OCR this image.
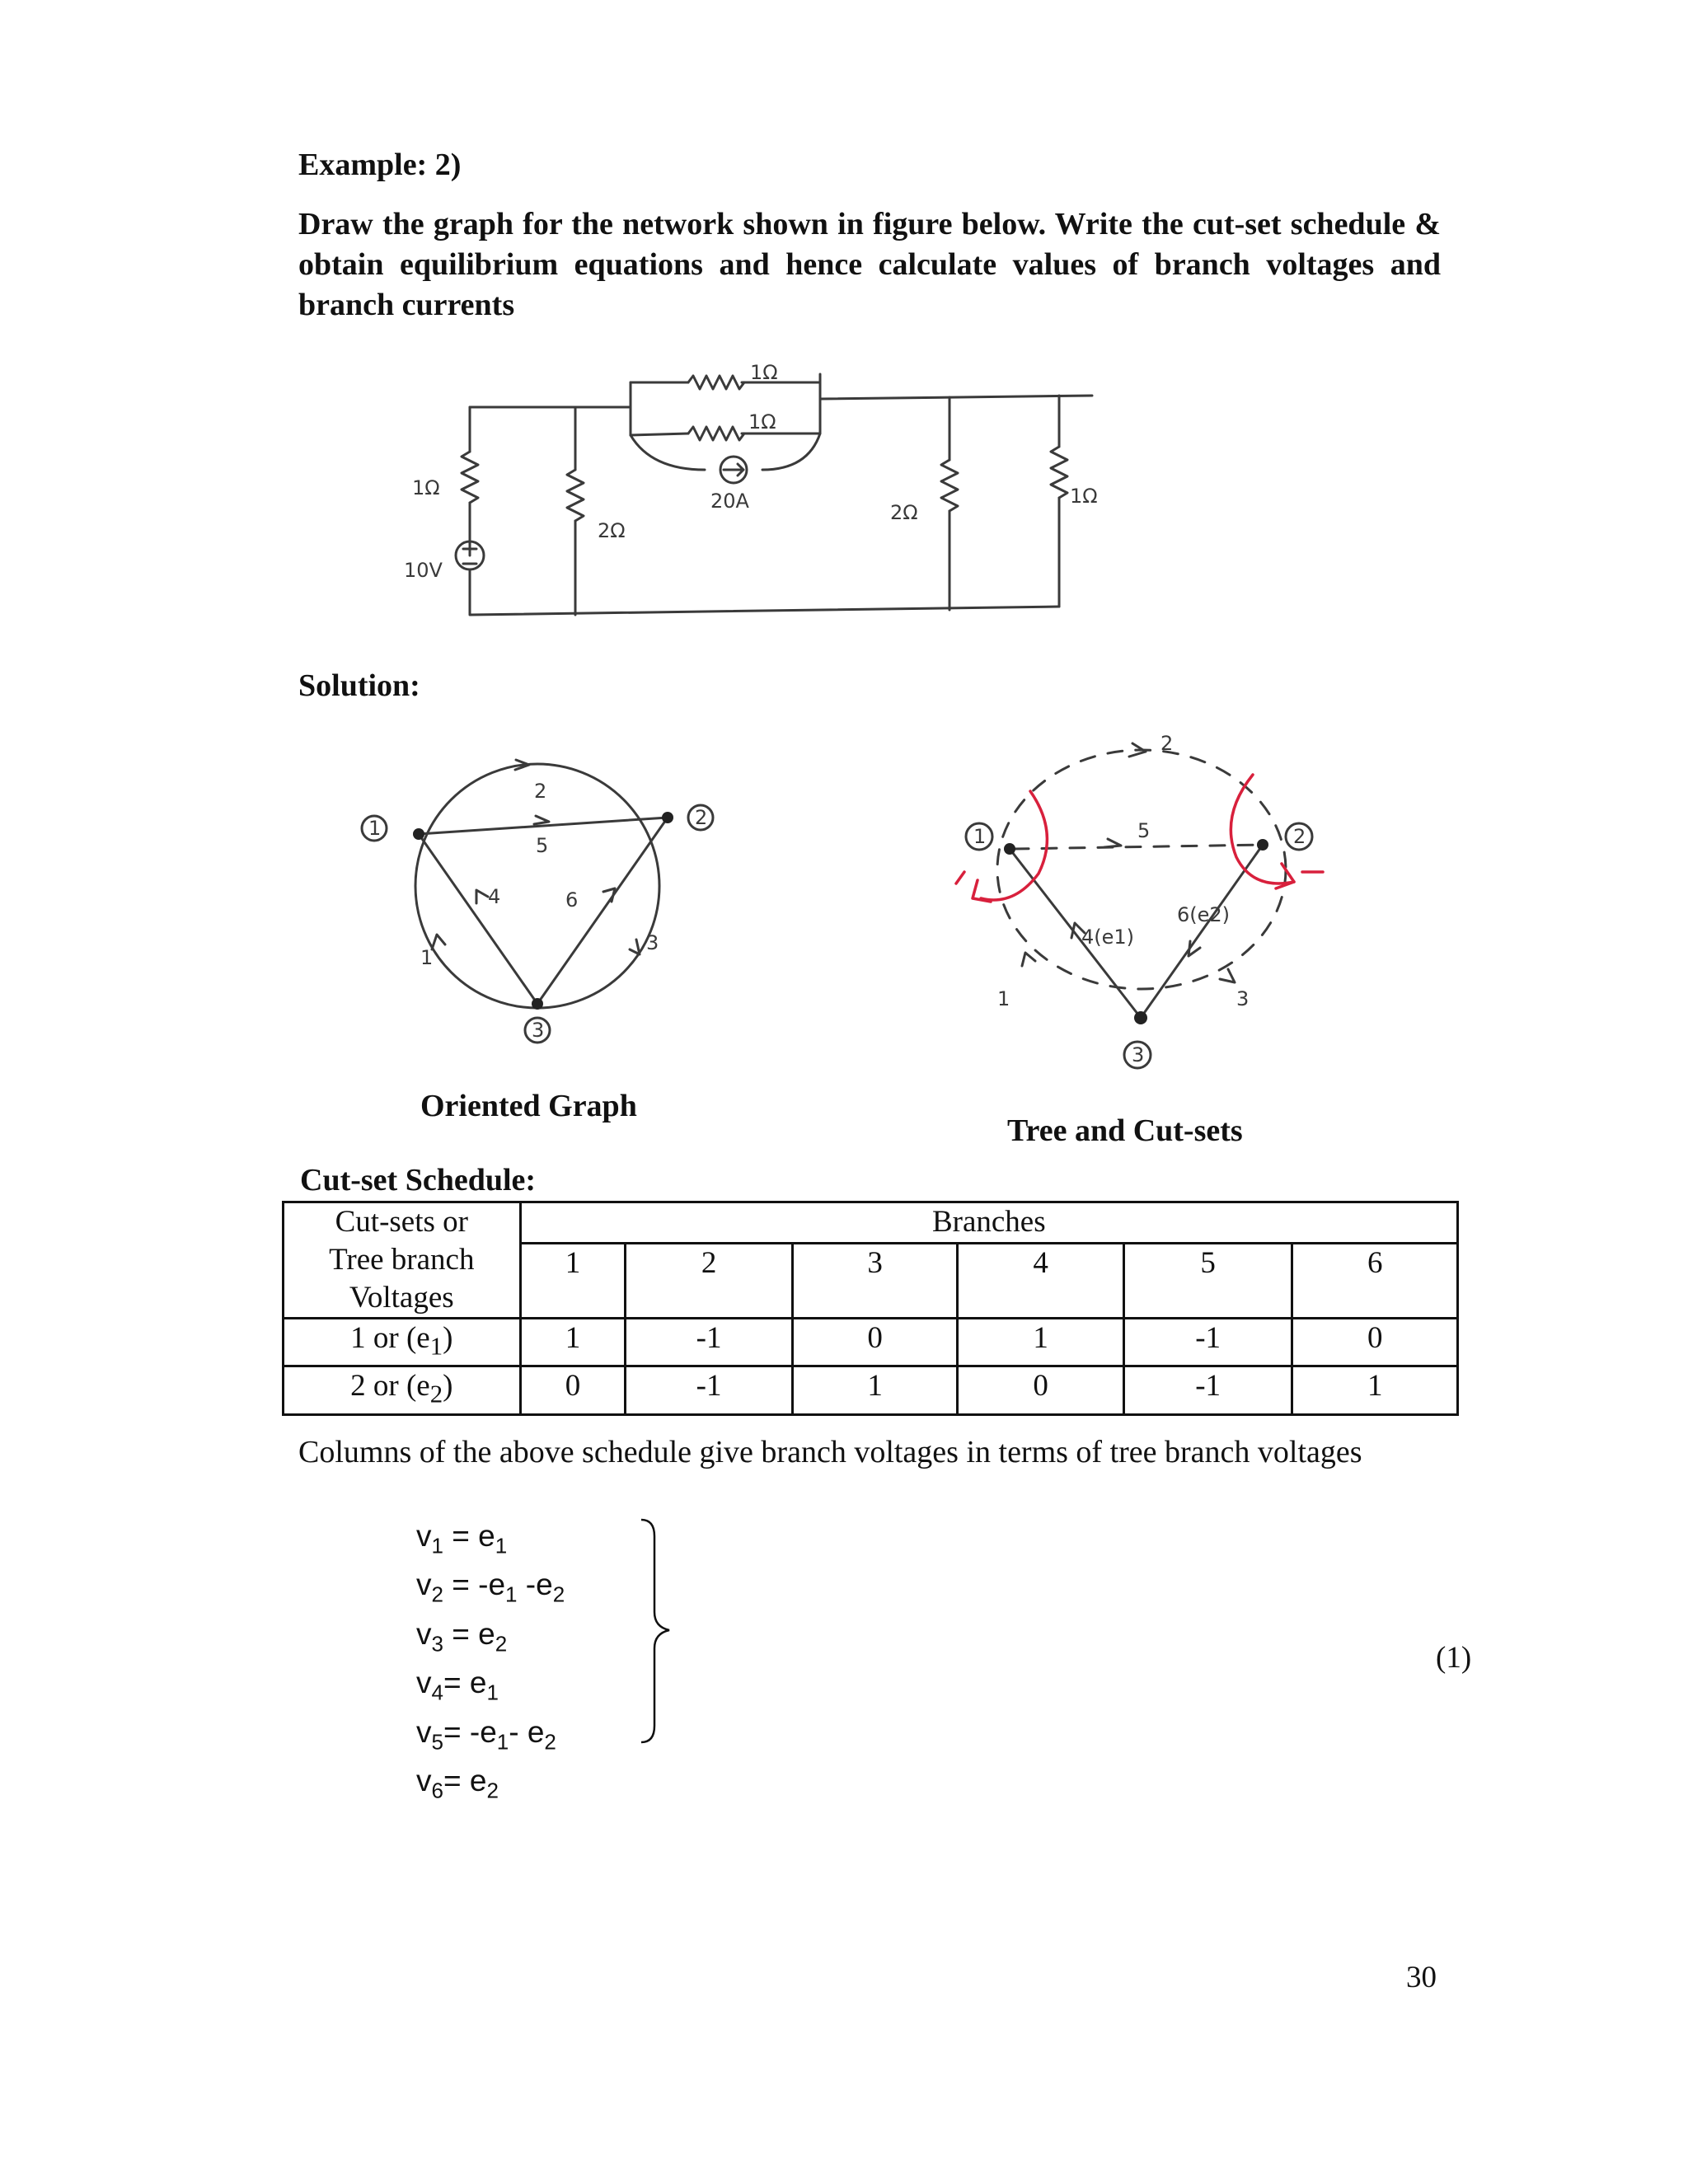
Example: 2)
Draw the graph for the network shown in figure below. Write the cut-set schedule & obtain equilibrium equations and hence calculate values of branch voltages and branch currents
1Ω
10V
2Ω
1Ω
1Ω
20A	2Ω
1Ω
Solution:
1	2
3
1
2
3
4
5
6
Oriented Graph
1	2
3
1
2
3
4(e1)
5
6(e2)
Tree and Cut-sets
Cut-set Schedule:
Cut-sets or
Tree branch
Voltages	Branches					
	1	2	3	4	5	6
1 or $(e_1)$	1	-1	0	1	-1	0
2 or $(e_2)$	0	-1	1	0	-1	1
Columns of the above schedule give branch voltages in terms of tree branch voltages
$v_1 = e_1$
$v_2 = -e_1$ $-e_2$
$v_3 = e_2$
$v_4= e_1$
$v_5= -e_1-$ $e_2$
$v_6= e_2$
(1)
30
